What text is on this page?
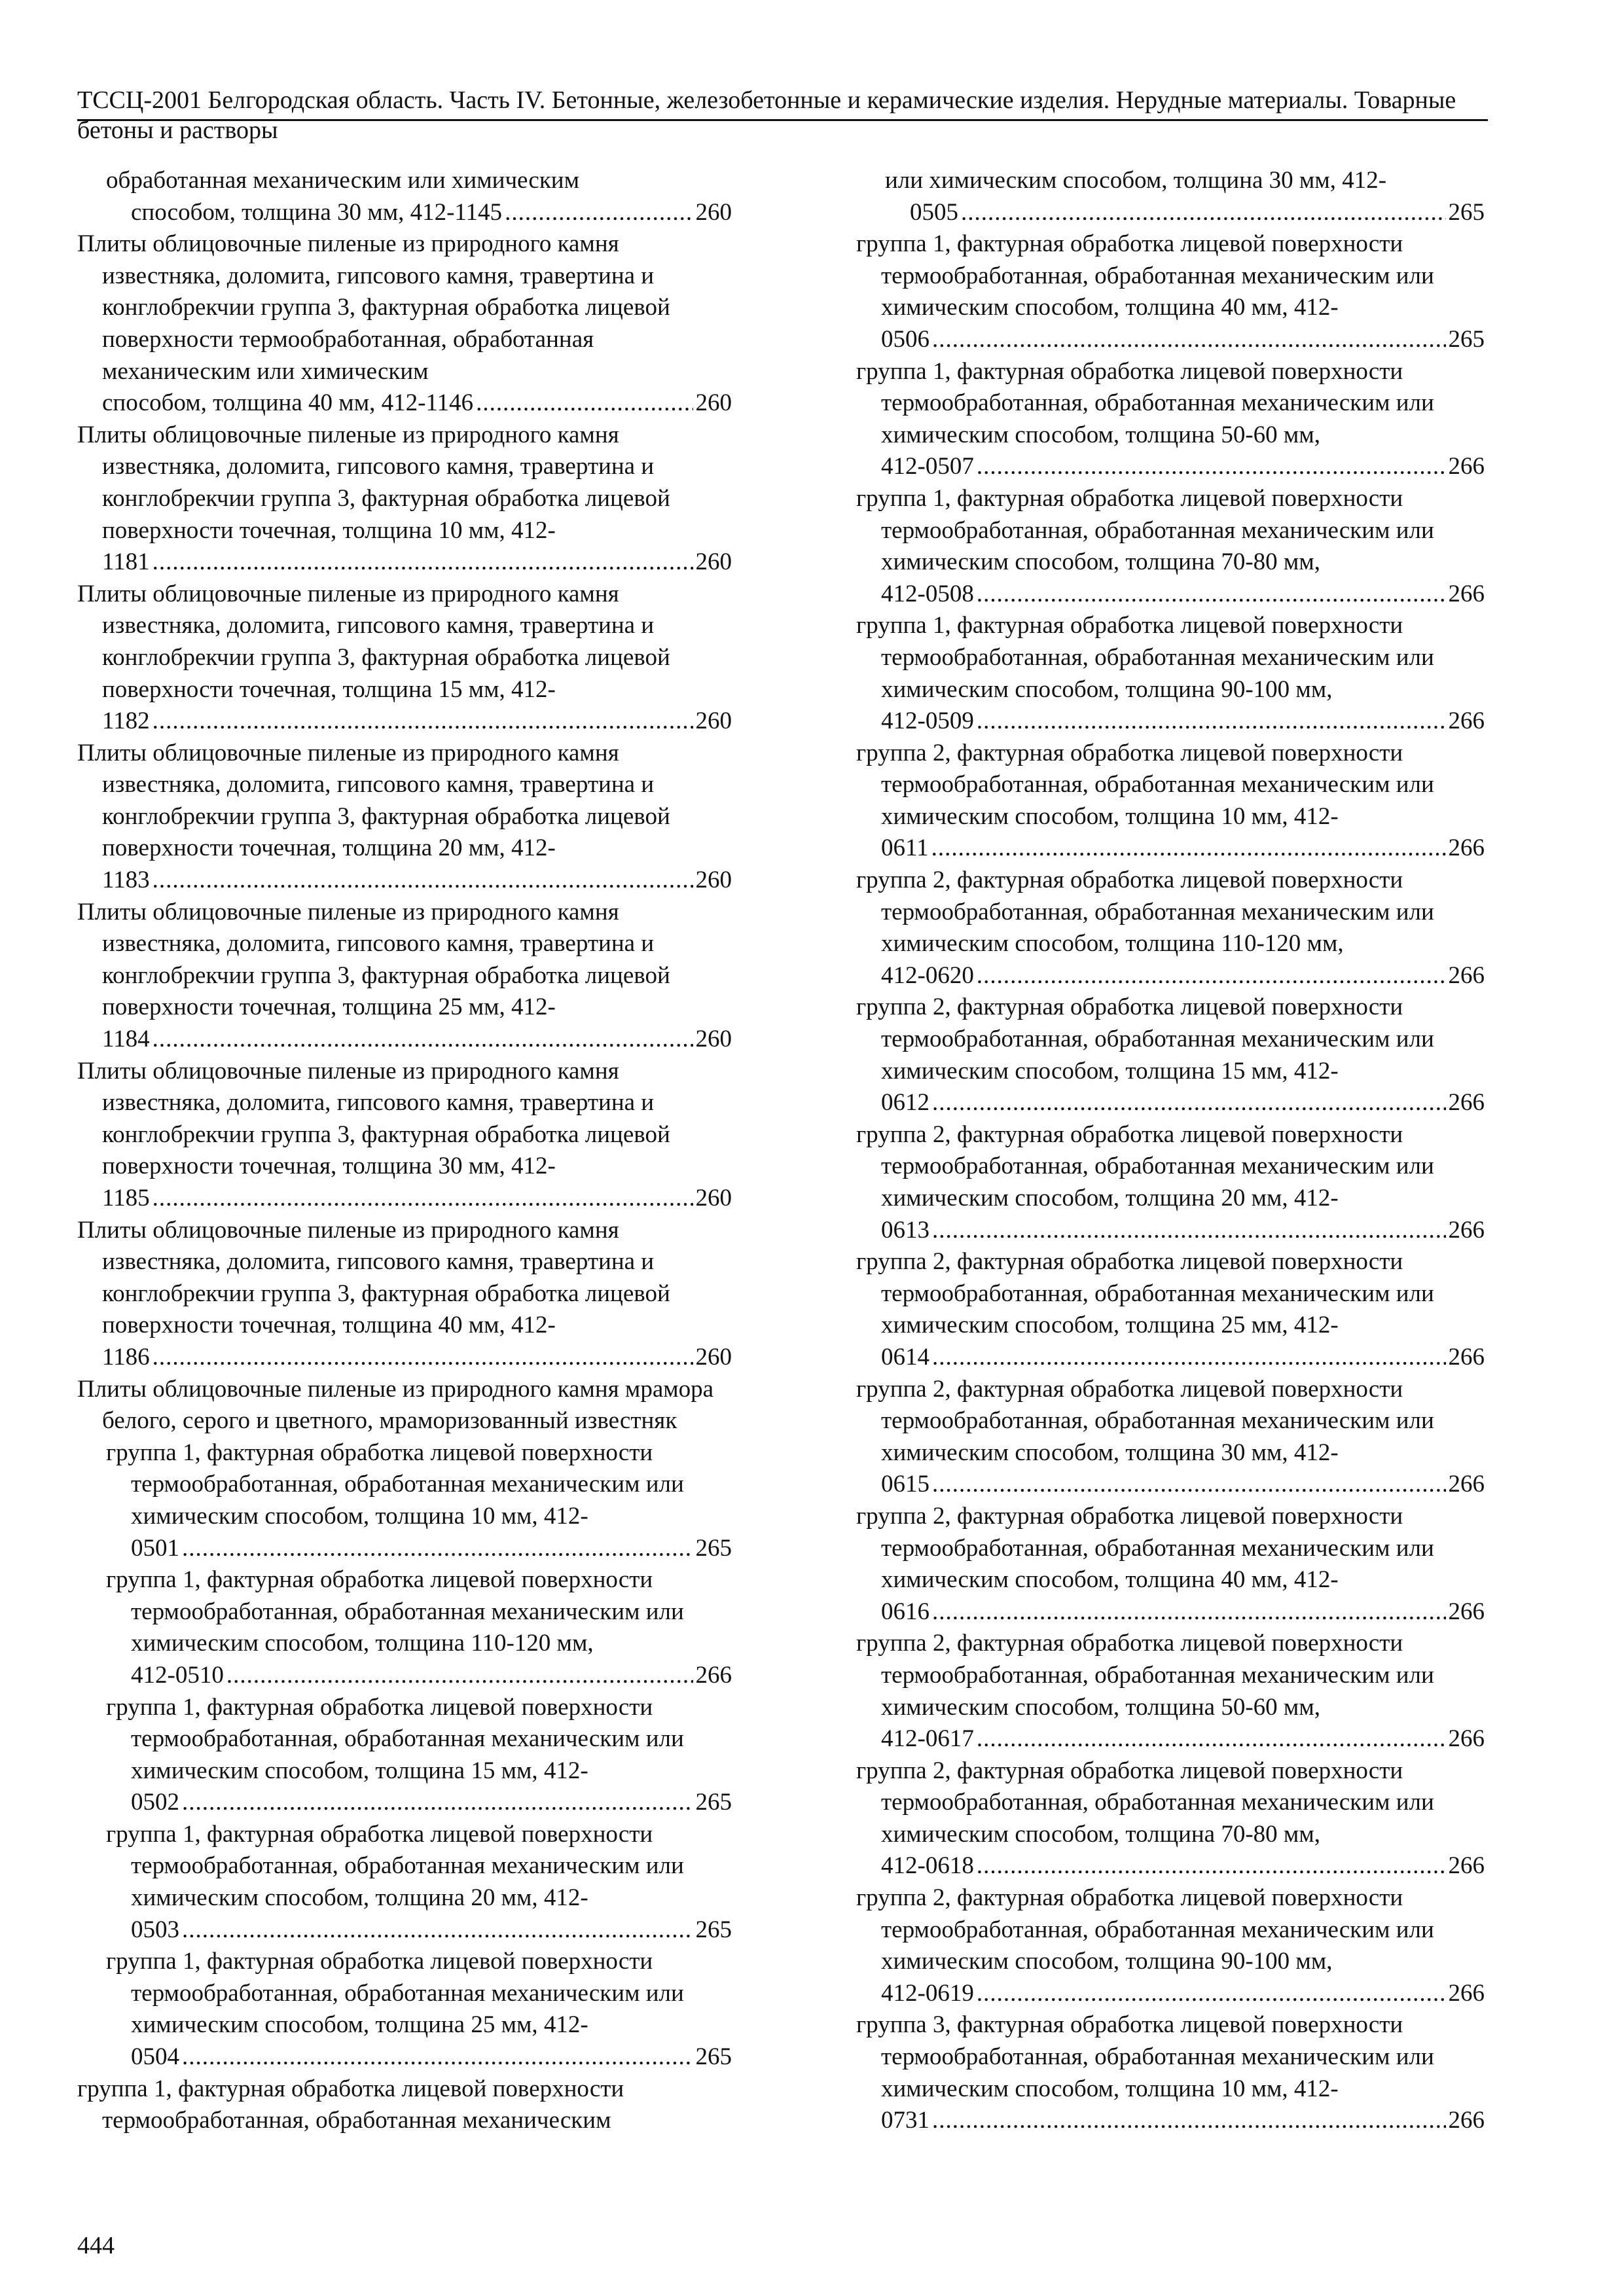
ТССЦ-2001 Белгородская область. Часть IV. Бетонные, железобетонные и керамические изделия. Нерудные материалы. Товарные бетоны и растворы
обработанная механическим или химическим
способом, толщина 30 мм, 412-1145 .....	260
Плиты облицовочные пиленые из природного камня известняка, доломита, гипсового камня, травертина и конглобрекчии группа 3, фактурная обработка лицевой поверхности термообработанная, обработанная механическим или химическим
способом, толщина 40 мм, 412-1146 .....	260
Плиты облицовочные пиленые из природного камня известняка, доломита, гипсового камня, травертина и конглобрекчии группа 3, фактурная обработка лицевой поверхности точечная, толщина 10 мм, 412-
1181 .....	260
Плиты облицовочные пиленые из природного камня известняка, доломита, гипсового камня, травертина и конглобрекчии группа 3, фактурная обработка лицевой поверхности точечная, толщина 15 мм, 412-
1182 .....	260
Плиты облицовочные пиленые из природного камня известняка, доломита, гипсового камня, травертина и конглобрекчии группа 3, фактурная обработка лицевой поверхности точечная, толщина 20 мм, 412-
1183 .....	260
Плиты облицовочные пиленые из природного камня известняка, доломита, гипсового камня, травертина и конглобрекчии группа 3, фактурная обработка лицевой поверхности точечная, толщина 25 мм, 412-
1184 .....	260
Плиты облицовочные пиленые из природного камня известняка, доломита, гипсового камня, травертина и конглобрекчии группа 3, фактурная обработка лицевой поверхности точечная, толщина 30 мм, 412-
1185 .....	260
Плиты облицовочные пиленые из природного камня известняка, доломита, гипсового камня, травертина и конглобрекчии группа 3, фактурная обработка лицевой поверхности точечная, толщина 40 мм, 412-
1186 .....	260
Плиты облицовочные пиленые из природного камня мрамора белого, серого и цветного, мраморизованный известняк
группа 1, фактурная обработка лицевой поверхности термообработанная, обработанная механическим или химическим способом, толщина 10 мм, 412-
0501 .....	265
группа 1, фактурная обработка лицевой поверхности термообработанная, обработанная механическим или химическим способом, толщина 110-120 мм,
412-0510 .....	266
группа 1, фактурная обработка лицевой поверхности термообработанная, обработанная механическим или химическим способом, толщина 15 мм, 412-
0502 .....	265
группа 1, фактурная обработка лицевой поверхности термообработанная, обработанная механическим или химическим способом, толщина 20 мм, 412-
0503 .....	265
группа 1, фактурная обработка лицевой поверхности термообработанная, обработанная механическим или химическим способом, толщина 25 мм, 412-
0504 .....	265
группа 1, фактурная обработка лицевой поверхности термообработанная, обработанная механическим
или химическим способом, толщина 30 мм, 412-
0505 .....	265
группа 1, фактурная обработка лицевой поверхности термообработанная, обработанная механическим или химическим способом, толщина 40 мм, 412-
0506 .....	265
группа 1, фактурная обработка лицевой поверхности термообработанная, обработанная механическим или химическим способом, толщина 50-60 мм,
412-0507 .....	266
группа 1, фактурная обработка лицевой поверхности термообработанная, обработанная механическим или химическим способом, толщина 70-80 мм,
412-0508 .....	266
группа 1, фактурная обработка лицевой поверхности термообработанная, обработанная механическим или химическим способом, толщина 90-100 мм,
412-0509 .....	266
группа 2, фактурная обработка лицевой поверхности термообработанная, обработанная механическим или химическим способом, толщина 10 мм, 412-
0611 .....	266
группа 2, фактурная обработка лицевой поверхности термообработанная, обработанная механическим или химическим способом, толщина 110-120 мм,
412-0620 .....	266
группа 2, фактурная обработка лицевой поверхности термообработанная, обработанная механическим или химическим способом, толщина 15 мм, 412-
0612 .....	266
группа 2, фактурная обработка лицевой поверхности термообработанная, обработанная механическим или химическим способом, толщина 20 мм, 412-
0613 .....	266
группа 2, фактурная обработка лицевой поверхности термообработанная, обработанная механическим или химическим способом, толщина 25 мм, 412-
0614 .....	266
группа 2, фактурная обработка лицевой поверхности термообработанная, обработанная механическим или химическим способом, толщина 30 мм, 412-
0615 .....	266
группа 2, фактурная обработка лицевой поверхности термообработанная, обработанная механическим или химическим способом, толщина 40 мм, 412-
0616 .....	266
группа 2, фактурная обработка лицевой поверхности термообработанная, обработанная механическим или химическим способом, толщина 50-60 мм,
412-0617 .....	266
группа 2, фактурная обработка лицевой поверхности термообработанная, обработанная механическим или химическим способом, толщина 70-80 мм,
412-0618 .....	266
группа 2, фактурная обработка лицевой поверхности термообработанная, обработанная механическим или химическим способом, толщина 90-100 мм,
412-0619 .....	266
группа 3, фактурная обработка лицевой поверхности термообработанная, обработанная механическим или химическим способом, толщина 10 мм, 412-
0731 .....	266
444
